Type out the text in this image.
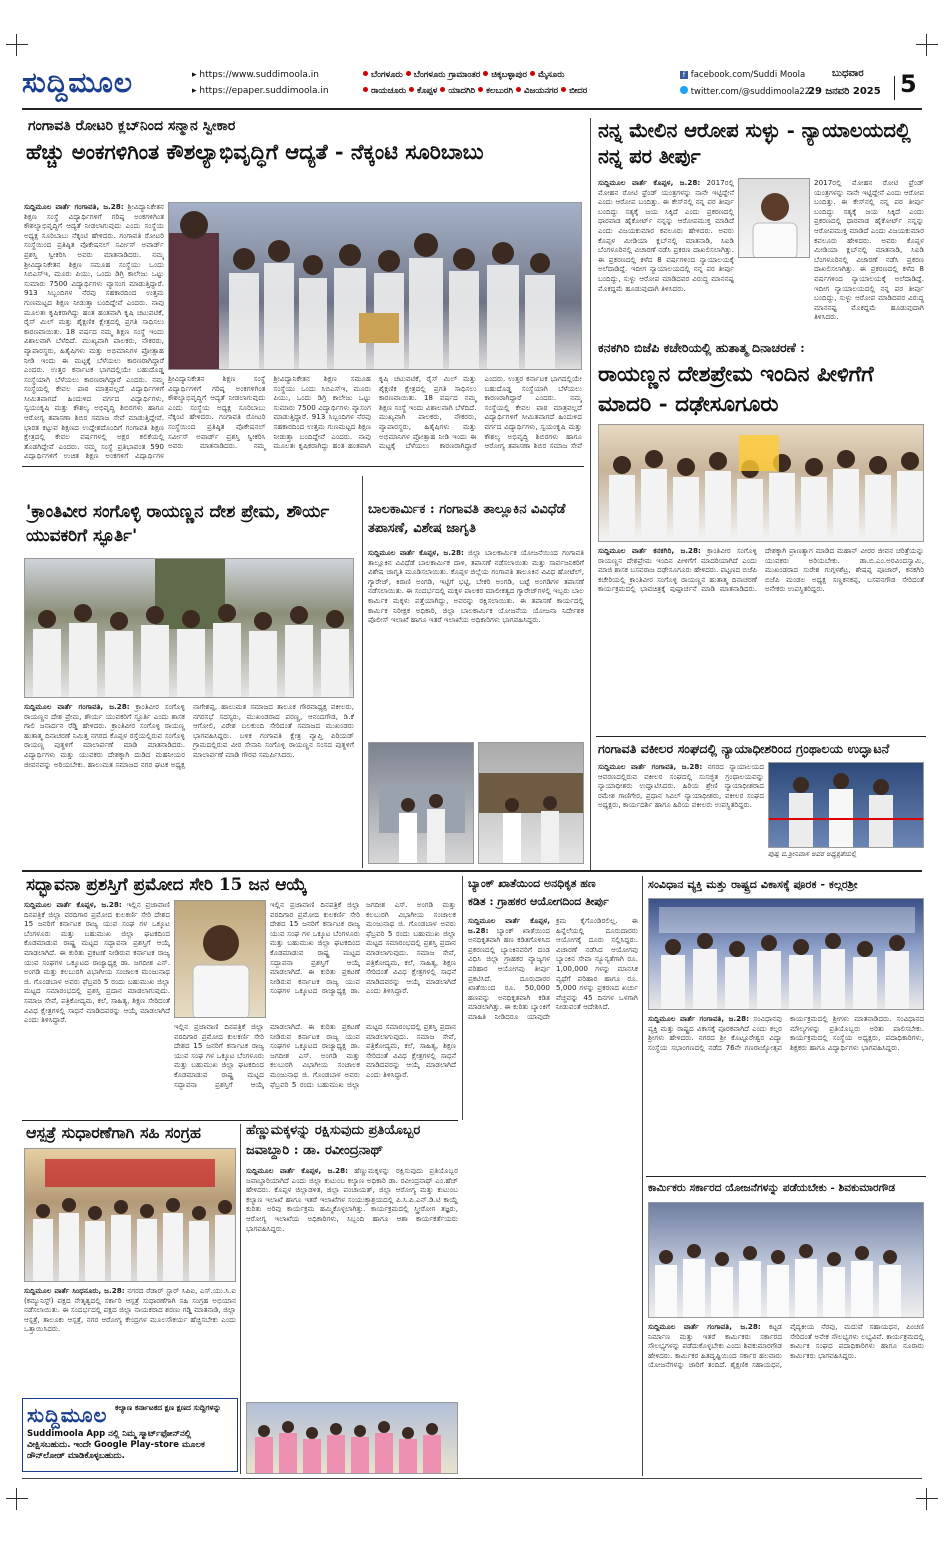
ಸುದ್ದಿಮೂಲ	▸ https://www.suddimoola.in
▸ https://epaper.suddimoola.in
ಬೆಂಗಳೂರು ಬೆಂಗಳೂರು ಗ್ರಾಮಾಂತರ ಚಿಕ್ಕಬಳ್ಳಾಪುರ ಮೈಸೂರು
ರಾಯಚೂರು ಕೊಪ್ಪಳ ಯಾದಗಿರಿ ಕಲಬುರಗಿ ವಿಜಯನಗರ ಬೀದರ
f facebook.com/Suddi Moola
twitter.com/@suddimoola22
ಬುಧವಾರ
29 ಜನವರಿ 2025 5
ಗಂಗಾವತಿ ರೋಟರಿ ಕ್ಲಬ್‌ನಿಂದ ಸನ್ಮಾನ ಸ್ವೀಕಾರ
ಹೆಚ್ಚು ಅಂಕಗಳಿಗಿಂತ ಕೌಶಲ್ಯಾಭಿವೃದ್ಧಿಗೆ ಆದ್ಯತೆ - ನೆಕ್ಕಂಟಿ ಸೂರಿಬಾಬು
ಸುದ್ದಿಮೂಲ ವಾರ್ತೆ ಗಂಗಾವತಿ, ಜ.28: ಶ್ರೀವಿದ್ಯಾನಿಕೇತನ ಶಿಕ್ಷಣ ಸಂಸ್ಥೆ ವಿದ್ಯಾರ್ಥಿಗಳಿಗೆ ಗರಿಷ್ಠ ಅಂಕಗಳಿಗಿಂತ ಕೌಶಲ್ಯಾಭಿವೃದ್ಧಿಗೆ ಆದ್ಯತೆ ನೀಡಲಾಗುವುದು ಎಂದು ಸಂಸ್ಥೆಯ ಅಧ್ಯಕ್ಷ ಸೂರಿಬಾಬು ನೆಕ್ಕಂಟಿ ಹೇಳಿದರು. ಗಂಗಾವತಿ ರೋಟರಿ ಸಂಸ್ಥೆಯಿಂದ ಪ್ರತಿಷ್ಠಿತ ವೊಕೇಷನಲ್ ಸರ್ವೀಸ್ ಅವಾರ್ಡ್ ಪ್ರಶಸ್ತಿ ಸ್ವೀಕರಿಸಿ ಅವರು ಮಾತನಾಡಿದರು. ನಮ್ಮ ಶ್ರೀವಿದ್ಯಾನಿಕೇತನ ಶಿಕ್ಷಣ ಸಮೂಹ ಸಂಸ್ಥೆಯು ಒಂದು ಸಿಬಿಎಸ್ಇ, ಮೂರು ಪಿಯು, ಒಂದು ಡಿಗ್ರಿ ಕಾಲೇಜು ಒಟ್ಟು ಸುಮಾರು 7500 ವಿದ್ಯಾರ್ಥಿಗಳು ವ್ಯಾಸಂಗ ಮಾಡುತ್ತಿದ್ದಾರೆ. 913 ಸಿಬ್ಬಂದಿಗಳ ನೆರವು ಸಹಕಾರದಿಂದ ಉತ್ತಮ ಗುಣಮಟ್ಟದ ಶಿಕ್ಷಣ ನೀಡುತ್ತಾ ಬಂದಿದ್ದೇವೆ ಎಂದರು. ನಾವು ಮೂಲತಃ ಕೃಷಿಕರಾಗಿದ್ದು ಹಂತ ಹಂತವಾಗಿ ಕೃಷಿ ಚಟುವಟಿಕೆ, ರೈಸ್ ಮಿಲ್ ಮತ್ತು ಶೈಕ್ಷಣಿಕ ಕ್ಷೇತ್ರದಲ್ಲಿ ಪ್ರಗತಿ ಸಾಧಿಸಲು ಕಾರಣವಾಯಿತು. 18 ವರ್ಷದ ನಮ್ಮ ಶಿಕ್ಷಣ ಸಂಸ್ಥೆ ಇಂದು ವಿಶಾಲವಾಗಿ ಬೆಳೆದಿದೆ. ಮುಖ್ಯವಾಗಿ ಪಾಲಕರು, ನೌಕರರು, ವ್ಯಾಪಾರಸ್ಥರು, ಹಿತೈಷಿಗಳು ಮತ್ತು ಅಭಿಮಾನಿಗಳ ಪ್ರೋತ್ಸಾಹ ನೀಡಿ ಇಂದು ಈ ಮಟ್ಟಕ್ಕೆ ಬೆಳೆಯಲು ಕಾರಣರಾಗಿದ್ದಾರೆ ಎಂದರು. ಉತ್ತರ ಕರ್ನಾಟಕ ಭಾಗದಲ್ಲಿಯೇ ಬಹುದೊಡ್ಡ ಸಂಸ್ಥೆಯಾಗಿ ಬೆಳೆಯಲು ಕಾರಣರಾಗಿದ್ದಾರೆ ಎಂದರು. ನಮ್ಮ ಸಂಸ್ಥೆಯಲ್ಲಿ ಕೇವಲ ಪಾಠ ಮಾತ್ರವಲ್ಲದೆ ವಿದ್ಯಾರ್ಥಿಗಳಿಗೆ ಸೀಮಿತವಾಗದೆ ಹಿಂದುಳಿದ ವರ್ಗದ ವಿದ್ಯಾರ್ಥಿಗಳು, ಸ್ವಯಂಕೃಷಿ ಮತ್ತು ಕೌಶಲ್ಯ ಅಭಿವೃದ್ಧಿ ಶಿಬಿರಗಳು ಹಾಗೂ ಆರೋಗ್ಯ ತಪಾಸಣಾ ಶಿಬಿರ ಸಮಾಜ ಸೇವೆ ಮಾಡುತ್ತಿದ್ದೇವೆ. ಭಾರತ ಕಟ್ಟುವ ಶಿಕ್ಷಣದ ಉದ್ದೇಶದೊಂದಿಗೆ ಗಂಗಾವತಿ ಶಿಕ್ಷಣ ಕ್ಷೇತ್ರದಲ್ಲಿ ಕೇವಲ ವರ್ಷಗಳಲ್ಲಿ ಅಕ್ಷರ ಕಲಿಕೆಯಲ್ಲಿ ತೊಡಗಿದ್ದೇವೆ ಎಂದರು. ನಮ್ಮ ಸಂಸ್ಥೆ ಪ್ರತಿಭಾವಂತ 590 ವಿದ್ಯಾರ್ಥಿಗಳಿಗೆ ಉಚಿತ ಶಿಕ್ಷಣ ಅಂಕಗಳಿಗೆ ವಿದ್ಯಾರ್ಥಿಗಳ
ಶ್ರೀವಿದ್ಯಾನಿಕೇತನ ಶಿಕ್ಷಣ ಸಂಸ್ಥೆ ವಿದ್ಯಾರ್ಥಿಗಳಿಗೆ ಗರಿಷ್ಠ ಅಂಕಗಳಿಗಿಂತ ಕೌಶಲ್ಯಾಭಿವೃದ್ಧಿಗೆ ಆದ್ಯತೆ ನೀಡಲಾಗುವುದು ಎಂದು ಸಂಸ್ಥೆಯ ಅಧ್ಯಕ್ಷ ಸೂರಿಬಾಬು ನೆಕ್ಕಂಟಿ ಹೇಳಿದರು. ಗಂಗಾವತಿ ರೋಟರಿ ಸಂಸ್ಥೆಯಿಂದ ಪ್ರತಿಷ್ಠಿತ ವೊಕೇಷನಲ್ ಸರ್ವೀಸ್ ಅವಾರ್ಡ್ ಪ್ರಶಸ್ತಿ ಸ್ವೀಕರಿಸಿ ಅವರು ಮಾತನಾಡಿದರು. ನಮ್ಮ ಶ್ರೀವಿದ್ಯಾನಿಕೇತನ ಶಿಕ್ಷಣ ಸಮೂಹ ಸಂಸ್ಥೆಯು ಒಂದು ಸಿಬಿಎಸ್ಇ, ಮೂರು ಪಿಯು, ಒಂದು ಡಿಗ್ರಿ ಕಾಲೇಜು ಒಟ್ಟು ಸುಮಾರು 7500 ವಿದ್ಯಾರ್ಥಿಗಳು ವ್ಯಾಸಂಗ ಮಾಡುತ್ತಿದ್ದಾರೆ. 913 ಸಿಬ್ಬಂದಿಗಳ ನೆರವು ಸಹಕಾರದಿಂದ ಉತ್ತಮ ಗುಣಮಟ್ಟದ ಶಿಕ್ಷಣ ನೀಡುತ್ತಾ ಬಂದಿದ್ದೇವೆ ಎಂದರು. ನಾವು ಮೂಲತಃ ಕೃಷಿಕರಾಗಿದ್ದು ಹಂತ ಹಂತವಾಗಿ ಕೃಷಿ ಚಟುವಟಿಕೆ, ರೈಸ್ ಮಿಲ್ ಮತ್ತು ಶೈಕ್ಷಣಿಕ ಕ್ಷೇತ್ರದಲ್ಲಿ ಪ್ರಗತಿ ಸಾಧಿಸಲು ಕಾರಣವಾಯಿತು. 18 ವರ್ಷದ ನಮ್ಮ ಶಿಕ್ಷಣ ಸಂಸ್ಥೆ ಇಂದು ವಿಶಾಲವಾಗಿ ಬೆಳೆದಿದೆ. ಮುಖ್ಯವಾಗಿ ಪಾಲಕರು, ನೌಕರರು, ವ್ಯಾಪಾರಸ್ಥರು, ಹಿತೈಷಿಗಳು ಮತ್ತು ಅಭಿಮಾನಿಗಳ ಪ್ರೋತ್ಸಾಹ ನೀಡಿ ಇಂದು ಈ ಮಟ್ಟಕ್ಕೆ ಬೆಳೆಯಲು ಕಾರಣರಾಗಿದ್ದಾರೆ ಎಂದರು. ಉತ್ತರ ಕರ್ನಾಟಕ ಭಾಗದಲ್ಲಿಯೇ ಬಹುದೊಡ್ಡ ಸಂಸ್ಥೆಯಾಗಿ ಬೆಳೆಯಲು ಕಾರಣರಾಗಿದ್ದಾರೆ ಎಂದರು. ನಮ್ಮ ಸಂಸ್ಥೆಯಲ್ಲಿ ಕೇವಲ ಪಾಠ ಮಾತ್ರವಲ್ಲದೆ ವಿದ್ಯಾರ್ಥಿಗಳಿಗೆ ಸೀಮಿತವಾಗದೆ ಹಿಂದುಳಿದ ವರ್ಗದ ವಿದ್ಯಾರ್ಥಿಗಳು, ಸ್ವಯಂಕೃಷಿ ಮತ್ತು ಕೌಶಲ್ಯ ಅಭಿವೃದ್ಧಿ ಶಿಬಿರಗಳು ಹಾಗೂ ಆರೋಗ್ಯ ತಪಾಸಣಾ ಶಿಬಿರ ಸಮಾಜ ಸೇವೆ
ನನ್ನ ಮೇಲಿನ ಆರೋಪ ಸುಳ್ಳು - ನ್ಯಾಯಾಲಯದಲ್ಲಿ ನನ್ನ ಪರ ತೀರ್ಪು
ಸುದ್ದಿಮೂಲ ವಾರ್ತೆ ಕೊಪ್ಪಳ, ಜ.28: 2017ರಲ್ಲಿ ಮೋಹನ ರೋಟಿ ಫ್ರೆಂಡ್ ಯಂತ್ರಗಳನ್ನು ನಾನೇ ಇಟ್ಟಿದ್ದೇನೆ ಎಂದು ಆರೋಪ ಬಂದಿತ್ತು. ಈ ಕೇಸ್‌ನಲ್ಲಿ ನನ್ನ ಪರ ತೀರ್ಪು ಬಂದಿದ್ದು ಸತ್ಯಕ್ಕೆ ಜಯ ಸಿಕ್ಕಿದೆ ಎಂದು ಪ್ರಕರಣದಲ್ಲಿ ಧಾರವಾಡ ಹೈಕೋರ್ಟ್ ನನ್ನನ್ನು ಆರೋಪಮುಕ್ತ ಮಾಡಿದೆ ಎಂದು ವಿಜಯಕುಮಾರ ಕವಲೂರು ಹೇಳಿದರು. ಅವರು ಕೊಪ್ಪಳ ಮೀಡಿಯಾ ಕ್ಲಬ್‌ನಲ್ಲಿ ಮಾತನಾಡಿ, ಸಿಐಡಿ ಬೆಂಗಳೂರಿನಲ್ಲಿ ವಿಚಾರಣೆ ನಡೆಸಿ ಪ್ರಕರಣ ದಾಖಲಿಸಲಾಗಿತ್ತು. ಈ ಪ್ರಕರಣದಲ್ಲಿ ಕಳೆದ 8 ವರ್ಷಗಳಿಂದ ನ್ಯಾಯಾಲಯಕ್ಕೆ ಅಲೆದಾಡಿದ್ದೆ. ಇದೀಗ ನ್ಯಾಯಾಲಯದಲ್ಲಿ ನನ್ನ ಪರ ತೀರ್ಪು ಬಂದಿದ್ದು, ಸುಳ್ಳು ಆರೋಪ ಮಾಡಿದವರ ವಿರುದ್ಧ ಮಾನನಷ್ಟ ಮೊಕದ್ದಮೆ ಹೂಡುವುದಾಗಿ ತಿಳಿಸಿದರು.
2017ರಲ್ಲಿ ಮೋಹನ ರೋಟಿ ಫ್ರೆಂಡ್ ಯಂತ್ರಗಳನ್ನು ನಾನೇ ಇಟ್ಟಿದ್ದೇನೆ ಎಂದು ಆರೋಪ ಬಂದಿತ್ತು. ಈ ಕೇಸ್‌ನಲ್ಲಿ ನನ್ನ ಪರ ತೀರ್ಪು ಬಂದಿದ್ದು ಸತ್ಯಕ್ಕೆ ಜಯ ಸಿಕ್ಕಿದೆ ಎಂದು ಪ್ರಕರಣದಲ್ಲಿ ಧಾರವಾಡ ಹೈಕೋರ್ಟ್ ನನ್ನನ್ನು ಆರೋಪಮುಕ್ತ ಮಾಡಿದೆ ಎಂದು ವಿಜಯಕುಮಾರ ಕವಲೂರು ಹೇಳಿದರು. ಅವರು ಕೊಪ್ಪಳ ಮೀಡಿಯಾ ಕ್ಲಬ್‌ನಲ್ಲಿ ಮಾತನಾಡಿ, ಸಿಐಡಿ ಬೆಂಗಳೂರಿನಲ್ಲಿ ವಿಚಾರಣೆ ನಡೆಸಿ ಪ್ರಕರಣ ದಾಖಲಿಸಲಾಗಿತ್ತು. ಈ ಪ್ರಕರಣದಲ್ಲಿ ಕಳೆದ 8 ವರ್ಷಗಳಿಂದ ನ್ಯಾಯಾಲಯಕ್ಕೆ ಅಲೆದಾಡಿದ್ದೆ. ಇದೀಗ ನ್ಯಾಯಾಲಯದಲ್ಲಿ ನನ್ನ ಪರ ತೀರ್ಪು ಬಂದಿದ್ದು, ಸುಳ್ಳು ಆರೋಪ ಮಾಡಿದವರ ವಿರುದ್ಧ ಮಾನನಷ್ಟ ಮೊಕದ್ದಮೆ ಹೂಡುವುದಾಗಿ ತಿಳಿಸಿದರು.
ಕನಕಗಿರಿ ಬಿಜೆಪಿ ಕಚೇರಿಯಲ್ಲಿ ಹುತಾತ್ಮ ದಿನಾಚರಣೆ :
ರಾಯಣ್ಣನ ದೇಶಪ್ರೇಮ ಇಂದಿನ ಪೀಳಿಗೆಗೆ ಮಾದರಿ - ದಢೇಸೂಗೂರು
ಸುದ್ದಿಮೂಲ ವಾರ್ತೆ ಕನಕಗಿರಿ, ಜ.28: ಕ್ರಾಂತಿವೀರ ಸಂಗೊಳ್ಳಿ ರಾಯಣ್ಣನ ದೇಶಪ್ರೇಮ ಇಂದಿನ ಪೀಳಿಗೆಗೆ ಮಾದರಿಯಾಗಿದೆ ಎಂದು ಮಾಜಿ ಶಾಸಕ ಬಸವರಾಜ ದಢೇಸೂಗೂರು ಹೇಳಿದರು. ಪಟ್ಟಣದ ಬಿಜೆಪಿ ಕಚೇರಿಯಲ್ಲಿ ಕ್ರಾಂತಿವೀರ ಸಂಗೊಳ್ಳಿ ರಾಯಣ್ಣನ ಹುತಾತ್ಮ ದಿನಾಚರಣೆ ಕಾರ್ಯಕ್ರಮದಲ್ಲಿ ಭಾವಚಿತ್ರಕ್ಕೆ ಪುಷ್ಪಾರ್ಚನೆ ಮಾಡಿ ಮಾತನಾಡಿದರು. ದೇಶಕ್ಕಾಗಿ ಪ್ರಾಣತ್ಯಾಗ ಮಾಡಿದ ಮಹಾನ್ ವೀರರ ಜೀವನ ಚರಿತ್ರೆಯನ್ನು ಯುವಕರು ಅರಿಯಬೇಕು. ಡಾ.ಬಿ.ಎಂ.ಅರವಿಂದಸ್ವಾಮಿ, ಮುಖಂಡರಾದ ಸುರೇಶ ಗುಗ್ಗಳಶೆಟ್ರ, ಶೇಷಪ್ಪ ಪೂಜಾರ್, ಕನಕಗಿರಿ ಬಿಜೆಪಿ ಮಂಡಲ ಅಧ್ಯಕ್ಷ ಸಣ್ಣಕನಕಪ್ಪ, ಬಸವನಗೌಡ ಸೇರಿದಂತೆ ಅನೇಕರು ಉಪಸ್ಥಿತರಿದ್ದರು.
ಗಂಗಾವತಿ ವಕೀಲರ ಸಂಘದಲ್ಲಿ ನ್ಯಾಯಾಧೀಶರಿಂದ ಗ್ರಂಥಾಲಯ ಉದ್ಘಾಟನೆ
ಸುದ್ದಿಮೂಲ ವಾರ್ತೆ ಗಂಗಾವತಿ, ಜ.28: ನಗರದ ನ್ಯಾಯಾಲಯದ ಆವರಣದಲ್ಲಿರುವ ವಕೀಲರ ಸಂಘದಲ್ಲಿ ಸುಸಜ್ಜಿತ ಗ್ರಂಥಾಲಯವನ್ನು ನ್ಯಾಯಾಧೀಶರು ಉದ್ಘಾಟಿಸಿದರು. ಹಿರಿಯ ಶ್ರೇಣಿ ನ್ಯಾಯಾಧೀಶರಾದ ರಮೇಶ ಗಾಣಿಗೇರ, ಪ್ರಧಾನ ಸಿವಿಲ್ ನ್ಯಾಯಾಧೀಶರು, ವಕೀಲರ ಸಂಘದ ಅಧ್ಯಕ್ಷರು, ಕಾರ್ಯದರ್ಶಿ ಹಾಗೂ ಹಿರಿಯ ವಕೀಲರು ಉಪಸ್ಥಿತರಿದ್ದರು.
ಪುಷ್ಪ ಬಿ.ಶ್ರೀನಿವಾಸ ಅವರ ಅಧ್ಯಕ್ಷತೆಯಲ್ಲಿ
'ಕ್ರಾಂತಿವೀರ ಸಂಗೊಳ್ಳಿ ರಾಯಣ್ಣನ ದೇಶ ಪ್ರೇಮ, ಶೌರ್ಯ ಯುವಕರಿಗೆ ಸ್ಫೂರ್ತಿ'
ಸುದ್ದಿಮೂಲ ವಾರ್ತೆ ಗಂಗಾವತಿ, ಜ.28: ಕ್ರಾಂತಿವೀರ ಸಂಗೊಳ್ಳಿ ರಾಯಣ್ಣನ ದೇಶ ಪ್ರೇಮ, ಶೌರ್ಯ ಯುವಕರಿಗೆ ಸ್ಫೂರ್ತಿ ಎಂದು ಶಾಸಕ ಗಾಲಿ ಜನಾರ್ದನ ರೆಡ್ಡಿ ಹೇಳಿದರು. ಕ್ರಾಂತಿವೀರ ಸಂಗೊಳ್ಳಿ ರಾಯಣ್ಣ ಹುತಾತ್ಮ ದಿನಾಚರಣೆ ನಿಮಿತ್ತ ನಗರದ ಕೊಪ್ಪಳ ರಸ್ತೆಯಲ್ಲಿರುವ ಸಂಗೊಳ್ಳಿ ರಾಯಣ್ಣ ಪುತ್ಥಳಿಗೆ ಮಾಲಾರ್ಪಣೆ ಮಾಡಿ ಮಾತನಾಡಿದರು. ವಿದ್ಯಾರ್ಥಿಗಳು ಮತ್ತು ಯುವಕರು ದೇಶಕ್ಕಾಗಿ ದುಡಿದ ಮಹನೀಯರ ಜೀವನವನ್ನು ಅರಿಯಬೇಕು. ಹಾಲುಮತ ಸಮಾಜದ ನಗರ ಘಟಕ ಅಧ್ಯಕ್ಷ ನಾಗೇಶಪ್ಪ, ಹಾಲುಮತ ಸಮಾಜದ ತಾಲೂಕ ಗೌರವಾಧ್ಯಕ್ಷ ವಕೀಲರು, ನಗರಸಭೆ ಸದಸ್ಯರು, ಮುಖಂಡರಾದ ಪರಣ್ಣ, ಆನಂದಗೌಡ, ಡಿ.ಕೆ ಆಗೋಲಿ, ವಿರೇಶ ಬಲಕುಂದಿ ಸೇರಿದಂತೆ ಸಮಾಜದ ಮುಖಂಡರು ಭಾಗವಹಿಸಿದ್ದರು. ಬಳಿಕ ಗಂಗಾವತಿ ಕ್ಷೇತ್ರ ವ್ಯಾಪ್ತಿ ಪಿರಿಯಡ್ ಗ್ರಾಮದಲ್ಲಿರುವ ವೀರ ಸೇನಾನಿ ಸಂಗೊಳ್ಳಿ ರಾಯಣ್ಣನ ಸಂಸದ ಪುತ್ಥಳಿಗೆ ಮಾಲಾರ್ಪಣೆ ಮಾಡಿ ಗೌರವ ಸಮರ್ಪಿಸಿದರು.
ಬಾಲಕಾರ್ಮಿಕ : ಗಂಗಾವತಿ ತಾಲ್ಲೂಕಿನ ವಿವಿಧೆಡೆ ತಪಾಸಣೆ, ವಿಶೇಷ ಜಾಗೃತಿ
ಸುದ್ದಿಮೂಲ ವಾರ್ತೆ ಕೊಪ್ಪಳ, ಜ.28: ಜಿಲ್ಲಾ ಬಾಲಕಾರ್ಮಿಕ ಯೋಜನೆಯಿಂದ ಗಂಗಾವತಿ ತಾಲ್ಲೂಕಿನ ವಿವಿಧೆಡೆ ಬಾಲಕಾರ್ಮಿಕ ದಾಳಿ, ತಪಾಸಣೆ ನಡೆಸಲಾಯಿತು ಮತ್ತು ಸಾರ್ವಜನಿಕರಿಗೆ ವಿಶೇಷ ಜಾಗೃತಿ ಮೂಡಿಸಲಾಯಿತು. ಕೊಪ್ಪಳ ಜಿಲ್ಲೆಯ ಗಂಗಾವತಿ ತಾಲೂಕಿನ ವಿವಿಧ ಹೋಟೆಲ್, ಗ್ಯಾರೇಜ್, ಕಿರಾಣಿ ಅಂಗಡಿ, ಇಟ್ಟಿಗೆ ಭಟ್ಟಿ, ಬೇಕರಿ ಅಂಗಡಿ, ಬಟ್ಟೆ ಅಂಗಡಿಗಳ ತಪಾಸಣೆ ನಡೆಸಲಾಯಿತು. ಈ ಸಂದರ್ಭದಲ್ಲಿ ಮಕ್ಕಳ ಪಾಲಕರ ಮಾಲೀಕತ್ವದ ಗ್ಯಾರೇಜ್‌ಗಳಲ್ಲಿ ಇಬ್ಬರು ಬಾಲ ಕಾರ್ಮಿಕ ಮಕ್ಕಳು ಪತ್ತೆಯಾಗಿದ್ದು, ಅವರನ್ನು ರಕ್ಷಿಸಲಾಯಿತು. ಈ ತಪಾಸಣೆ ಕಾರ್ಯದಲ್ಲಿ ಕಾರ್ಮಿಕ ನಿರೀಕ್ಷಕ ಅಧಿಕಾರಿ, ಜಿಲ್ಲಾ ಬಾಲಕಾರ್ಮಿಕ ಯೋಜನೆಯ ಯೋಜನಾ ನಿರ್ದೇಶಕ ಪೊಲೀಸ್ ಇಲಾಖೆ ಹಾಗೂ ಇತರೆ ಇಲಾಖೆಯ ಅಧಿಕಾರಿಗಳು ಭಾಗವಹಿಸಿದ್ದರು.
ಸದ್ಭಾವನಾ ಪ್ರಶಸ್ತಿಗೆ ಪ್ರಮೋದ ಸೇರಿ 15 ಜನ ಆಯ್ಕೆ
ಸುದ್ದಿಮೂಲ ವಾರ್ತೆ ಕೊಪ್ಪಳ, ಜ.28: ಇಲ್ಲಿನ ಪ್ರಜಾವಾಣಿ ದಿನಪತ್ರಿಕೆ ಜಿಲ್ಲಾ ವರದಿಗಾರ ಪ್ರಮೋದ ಕುಲಕರ್ಣಿ ಸೇರಿ ದೇಶದ 15 ಜನರಿಗೆ ಕರ್ನಾಟಕ ರಾಜ್ಯ ಯುವ ಸಂಘ ಗಳ ಒಕ್ಕೂಟ ಬೆಂಗಳೂರು ಮತ್ತು ಬಹುಮುಖ ಜಿಲ್ಲಾ ಘಟಕದಿಂದ ಕೊಡಮಾಡುವ ರಾಷ್ಟ್ರ ಮಟ್ಟದ ಸದ್ಭಾವನಾ ಪ್ರಶಸ್ತಿಗೆ ಆಯ್ಕೆ ಮಾಡಲಾಗಿದೆ. ಈ ಕುರಿತು ಪ್ರಕಟಣೆ ನೀಡಿರುವ ಕರ್ನಾಟಕ ರಾಜ್ಯ ಯುವ ಸಂಘಗಳ ಒಕ್ಕೂಟದ ರಾಜ್ಯಾಧ್ಯಕ್ಷ ಡಾ. ಜಗದೀಶ ಎಸ್. ಅಂಗಡಿ ಮತ್ತು ಕಲಬುರಗಿ ವಿಭಾಗೀಯ ಸಂಚಾಲಕ ಮಂಜುನಾಥ ಜಿ. ಗೊಂಡಬಾಳ ಅವರು ಫೆಬ್ರವರಿ 5 ರಂದು ಬಹುಮುಖ ಜಿಲ್ಲಾ ಮಟ್ಟದ ಸಮಾರಂಭದಲ್ಲಿ ಪ್ರಶಸ್ತಿ ಪ್ರದಾನ ಮಾಡಲಾಗುವುದು. ಸಮಾಜ ಸೇವೆ, ಪತ್ರಿಕೋದ್ಯಮ, ಕಲೆ, ಸಾಹಿತ್ಯ, ಶಿಕ್ಷಣ ಸೇರಿದಂತೆ ವಿವಿಧ ಕ್ಷೇತ್ರಗಳಲ್ಲಿ ಸಾಧನೆ ಮಾಡಿದವರನ್ನು ಆಯ್ಕೆ ಮಾಡಲಾಗಿದೆ ಎಂದು ತಿಳಿಸಿದ್ದಾರೆ.
ಇಲ್ಲಿನ ಪ್ರಜಾವಾಣಿ ದಿನಪತ್ರಿಕೆ ಜಿಲ್ಲಾ ವರದಿಗಾರ ಪ್ರಮೋದ ಕುಲಕರ್ಣಿ ಸೇರಿ ದೇಶದ 15 ಜನರಿಗೆ ಕರ್ನಾಟಕ ರಾಜ್ಯ ಯುವ ಸಂಘ ಗಳ ಒಕ್ಕೂಟ ಬೆಂಗಳೂರು ಮತ್ತು ಬಹುಮುಖ ಜಿಲ್ಲಾ ಘಟಕದಿಂದ ಕೊಡಮಾಡುವ ರಾಷ್ಟ್ರ ಮಟ್ಟದ ಸದ್ಭಾವನಾ ಪ್ರಶಸ್ತಿಗೆ ಆಯ್ಕೆ ಮಾಡಲಾಗಿದೆ. ಈ ಕುರಿತು ಪ್ರಕಟಣೆ ನೀಡಿರುವ ಕರ್ನಾಟಕ ರಾಜ್ಯ ಯುವ ಸಂಘಗಳ ಒಕ್ಕೂಟದ ರಾಜ್ಯಾಧ್ಯಕ್ಷ ಡಾ. ಜಗದೀಶ ಎಸ್. ಅಂಗಡಿ ಮತ್ತು ಕಲಬುರಗಿ ವಿಭಾಗೀಯ ಸಂಚಾಲಕ ಮಂಜುನಾಥ ಜಿ. ಗೊಂಡಬಾಳ ಅವರು ಫೆಬ್ರವರಿ 5 ರಂದು ಬಹುಮುಖ ಜಿಲ್ಲಾ ಮಟ್ಟದ ಸಮಾರಂಭದಲ್ಲಿ ಪ್ರಶಸ್ತಿ ಪ್ರದಾನ ಮಾಡಲಾಗುವುದು. ಸಮಾಜ ಸೇವೆ, ಪತ್ರಿಕೋದ್ಯಮ, ಕಲೆ, ಸಾಹಿತ್ಯ, ಶಿಕ್ಷಣ ಸೇರಿದಂತೆ ವಿವಿಧ ಕ್ಷೇತ್ರಗಳಲ್ಲಿ ಸಾಧನೆ ಮಾಡಿದವರನ್ನು ಆಯ್ಕೆ ಮಾಡಲಾಗಿದೆ ಎಂದು ತಿಳಿಸಿದ್ದಾರೆ.
ಇಲ್ಲಿನ ಪ್ರಜಾವಾಣಿ ದಿನಪತ್ರಿಕೆ ಜಿಲ್ಲಾ ವರದಿಗಾರ ಪ್ರಮೋದ ಕುಲಕರ್ಣಿ ಸೇರಿ ದೇಶದ 15 ಜನರಿಗೆ ಕರ್ನಾಟಕ ರಾಜ್ಯ ಯುವ ಸಂಘ ಗಳ ಒಕ್ಕೂಟ ಬೆಂಗಳೂರು ಮತ್ತು ಬಹುಮುಖ ಜಿಲ್ಲಾ ಘಟಕದಿಂದ ಕೊಡಮಾಡುವ ರಾಷ್ಟ್ರ ಮಟ್ಟದ ಸದ್ಭಾವನಾ ಪ್ರಶಸ್ತಿಗೆ ಆಯ್ಕೆ ಮಾಡಲಾಗಿದೆ. ಈ ಕುರಿತು ಪ್ರಕಟಣೆ ನೀಡಿರುವ ಕರ್ನಾಟಕ ರಾಜ್ಯ ಯುವ ಸಂಘಗಳ ಒಕ್ಕೂಟದ ರಾಜ್ಯಾಧ್ಯಕ್ಷ ಡಾ. ಜಗದೀಶ ಎಸ್. ಅಂಗಡಿ ಮತ್ತು ಕಲಬುರಗಿ ವಿಭಾಗೀಯ ಸಂಚಾಲಕ ಮಂಜುನಾಥ ಜಿ. ಗೊಂಡಬಾಳ ಅವರು ಫೆಬ್ರವರಿ 5 ರಂದು ಬಹುಮುಖ ಜಿಲ್ಲಾ ಮಟ್ಟದ ಸಮಾರಂಭದಲ್ಲಿ ಪ್ರಶಸ್ತಿ ಪ್ರದಾನ ಮಾಡಲಾಗುವುದು. ಸಮಾಜ ಸೇವೆ, ಪತ್ರಿಕೋದ್ಯಮ, ಕಲೆ, ಸಾಹಿತ್ಯ, ಶಿಕ್ಷಣ ಸೇರಿದಂತೆ ವಿವಿಧ ಕ್ಷೇತ್ರಗಳಲ್ಲಿ ಸಾಧನೆ ಮಾಡಿದವರನ್ನು ಆಯ್ಕೆ ಮಾಡಲಾಗಿದೆ ಎಂದು ತಿಳಿಸಿದ್ದಾರೆ.
ಬ್ಯಾಂಕ್ ಖಾತೆಯಿಂದ ಅನಧಿಕೃತ ಹಣ
ಕಡಿತ : ಗ್ರಾಹಕರ ಆಯೋಗದಿಂದ ತೀರ್ಪು
ಸುದ್ದಿಮೂಲ ವಾರ್ತೆ ಕೊಪ್ಪಳ, ಜ.28: ಬ್ಯಾಂಕ್ ಖಾತೆಯಿಂದ ಅನಧಿಕೃತವಾಗಿ ಹಣ ಕಡಿತಗೊಳಿಸಿದ ಪ್ರಕರಣದಲ್ಲಿ ಬ್ಯಾಂಕಿನವರಿಗೆ ದಂಡ ವಿಧಿಸಿ ಜಿಲ್ಲಾ ಗ್ರಾಹಕರ ವ್ಯಾಜ್ಯಗಳ ಪರಿಹಾರ ಆಯೋಗವು ತೀರ್ಪು ಪ್ರಕಟಿಸಿದೆ. ದೂರುದಾರರ ಖಾತೆಯಿಂದ ರೂ. 50,000 ಹಣವನ್ನು ಅನಧಿಕೃತವಾಗಿ ಕಡಿತ ಮಾಡಲಾಗಿತ್ತು. ಈ ಕುರಿತು ಬ್ಯಾಂಕಿಗೆ ಮಾಹಿತಿ ನೀಡಿದರೂ ಯಾವುದೇ ಕ್ರಮ ಕೈಗೊಂಡಿರಲಿಲ್ಲ. ಈ ಹಿನ್ನೆಲೆಯಲ್ಲಿ ದೂರುದಾರರು ಆಯೋಗಕ್ಕೆ ದೂರು ಸಲ್ಲಿಸಿದ್ದರು. ವಿಚಾರಣೆ ನಡೆಸಿದ ಆಯೋಗವು ಬ್ಯಾಂಕಿನ ಸೇವಾ ನ್ಯೂನ್ಯತೆಗಾಗಿ ರೂ. 1,00,000 ಗಳನ್ನು ಮಾನಸಿಕ ವ್ಯಥೆಗೆ ಪರಿಹಾರ ಹಾಗೂ ರೂ. 5,000 ಗಳನ್ನು ಪ್ರಕರಣದ ಖರ್ಚು ವೆಚ್ಚವನ್ನು 45 ದಿನಗಳ ಒಳಗಾಗಿ ನೀಡುವಂತೆ ಆದೇಶಿಸಿದೆ.
ಸಂವಿಧಾನ ವ್ಯಕ್ತಿ ಮತ್ತು ರಾಷ್ಟ್ರದ ವಿಕಾಸಕ್ಕೆ ಪೂರಕ - ಕಲ್ಗರಶ್ರೀ
ಸುದ್ದಿಮೂಲ ವಾರ್ತೆ ಗಂಗಾವತಿ, ಜ.28: ಸಂವಿಧಾನವು ವ್ಯಕ್ತಿ ಮತ್ತು ರಾಷ್ಟ್ರದ ವಿಕಾಸಕ್ಕೆ ಪೂರಕವಾಗಿದೆ ಎಂದು ಕಲ್ಗರ ಶ್ರೀಗಳು ಹೇಳಿದರು. ನಗರದ ಶ್ರೀ ಕೊಟ್ಟೂರೇಶ್ವರ ವಿದ್ಯಾ ಸಂಸ್ಥೆಯ ಸಭಾಂಗಣದಲ್ಲಿ ನಡೆದ 76ನೇ ಗಣರಾಜ್ಯೋತ್ಸವ ಕಾರ್ಯಕ್ರಮದಲ್ಲಿ ಶ್ರೀಗಳು ಮಾತನಾಡಿದರು. ಸಂವಿಧಾನದ ಮೌಲ್ಯಗಳನ್ನು ಪ್ರತಿಯೊಬ್ಬರು ಅರಿತು ಪಾಲಿಸಬೇಕು. ಕಾರ್ಯಕ್ರಮದಲ್ಲಿ ಸಂಸ್ಥೆಯ ಅಧ್ಯಕ್ಷರು, ಪದಾಧಿಕಾರಿಗಳು, ಶಿಕ್ಷಕರು ಹಾಗೂ ವಿದ್ಯಾರ್ಥಿಗಳು ಭಾಗವಹಿಸಿದ್ದರು.
ಕಾರ್ಮಿಕರು ಸರ್ಕಾರದ ಯೋಜನೆಗಳನ್ನು ಪಡೆಯಬೇಕು - ಶಿವಕುಮಾರಗೌಡ
ಸುದ್ದಿಮೂಲ ವಾರ್ತೆ ಗಂಗಾವತಿ, ಜ.28: ಕಟ್ಟಡ ನಿರ್ಮಾಣ ಮತ್ತು ಇತರೆ ಕಾರ್ಮಿಕರು ಸರ್ಕಾರದ ಸೌಲಭ್ಯಗಳನ್ನು ಪಡೆದುಕೊಳ್ಳಬೇಕು ಎಂದು ಶಿವಕುಮಾರಗೌಡ ಹೇಳಿದರು. ಕಾರ್ಮಿಕರ ಹಿತದೃಷ್ಟಿಯಿಂದ ಸರ್ಕಾರ ಹಲವಾರು ಯೋಜನೆಗಳನ್ನು ಜಾರಿಗೆ ತಂದಿದೆ. ಶೈಕ್ಷಣಿಕ ಸಹಾಯಧನ, ವೈದ್ಯಕೀಯ ನೆರವು, ಮದುವೆ ಸಹಾಯಧನ, ಪಿಂಚಣಿ ಸೇರಿದಂತೆ ಅನೇಕ ಸೌಲಭ್ಯಗಳು ಲಭ್ಯವಿವೆ. ಕಾರ್ಯಕ್ರಮದಲ್ಲಿ ಕಾರ್ಮಿಕ ಸಂಘದ ಪದಾಧಿಕಾರಿಗಳು ಹಾಗೂ ನೂರಾರು ಕಾರ್ಮಿಕರು ಭಾಗವಹಿಸಿದ್ದರು.
ಆಸ್ಪತ್ರೆ ಸುಧಾರಣೆಗಾಗಿ ಸಹಿ ಸಂಗ್ರಹ
ಸುದ್ದಿಮೂಲ ವಾರ್ತೆ ಸಿಂಧನೂರು, ಜ.28: ನಗರದ ರೆಡಾರ್ ಸ್ಟಾರ್ ಸಿಪಿಐ, ಎಸ್.ಯು.ಸಿ.ಐ (ಕಮ್ಯುನಿಸ್ಟ್) ಪಕ್ಷದ ನೇತೃತ್ವದಲ್ಲಿ ಸರ್ಕಾರಿ ಆಸ್ಪತ್ರೆ ಸುಧಾರಣೆಗಾಗಿ ಸಹಿ ಸಂಗ್ರಹ ಅಭಿಯಾನ ನಡೆಸಲಾಯಿತು. ಈ ಸಂದರ್ಭದಲ್ಲಿ ಪಕ್ಷದ ಜಿಲ್ಲಾ ನಾಯಕರಾದ ಶರಣು ಗಡ್ಡಿ ಮಾತನಾಡಿ, ಜಿಲ್ಲಾ ಆಸ್ಪತ್ರೆ, ತಾಲೂಕು ಆಸ್ಪತ್ರೆ, ನಗರ ಆರೋಗ್ಯ ಕೇಂದ್ರಗಳ ಮೂಲಸೌಕರ್ಯ ಹೆಚ್ಚಿಸಬೇಕು ಎಂದು ಒತ್ತಾಯಿಸಿದರು.
ಸುದ್ದಿಮೂಲ ಕಲ್ಯಾಣ ಕರ್ನಾಟಕದ ಕ್ಷಣ ಕ್ಷಣದ ಸುದ್ದಿಗಳನ್ನು
Suddimoola App ನಲ್ಲಿ ನಿಮ್ಮ ಸ್ಮಾರ್ಟ್‌ಫೋನ್‌ನಲ್ಲಿ ವೀಕ್ಷಿಸಬಹುದು. ಇಂದೇ Google Play-store ಮೂಲಕ ಡೌನ್‌ಲೋಡ್ ಮಾಡಿಕೊಳ್ಳಬಹುದು.
ಹೆಣ್ಣುಮಕ್ಕಳನ್ನು ರಕ್ಷಿಸುವುದು ಪ್ರತಿಯೊಬ್ಬರ
ಜವಾಬ್ದಾರಿ : ಡಾ. ರವೀಂದ್ರನಾಥ್
ಸುದ್ದಿಮೂಲ ವಾರ್ತೆ ಕೊಪ್ಪಳ, ಜ.28: ಹೆಣ್ಣುಮಕ್ಕಳನ್ನು ರಕ್ಷಿಸುವುದು ಪ್ರತಿಯೊಬ್ಬರ ಜವಾಬ್ದಾರಿಯಾಗಿದೆ ಎಂದು ಜಿಲ್ಲಾ ಕುಟುಂಬ ಕಲ್ಯಾಣ ಅಧಿಕಾರಿ ಡಾ. ರವೀಂದ್ರನಾಥ್ ಎಂ.ಹೆಚ್ ಹೇಳಿದರು. ಕೊಪ್ಪಳ ಜಿಲ್ಲಾಡಳಿತ, ಜಿಲ್ಲಾ ಪಂಚಾಯತ್, ಜಿಲ್ಲಾ ಆರೋಗ್ಯ ಮತ್ತು ಕುಟುಂಬ ಕಲ್ಯಾಣ ಇಲಾಖೆ ಹಾಗೂ ಇತರೆ ಇಲಾಖೆಗಳ ಸಂಯುಕ್ತಾಶ್ರಯದಲ್ಲಿ ಪಿ.ಸಿ.ಪಿ.ಎನ್.ಡಿ.ಟಿ ಕಾಯ್ದೆ ಕುರಿತು ಅರಿವು ಕಾರ್ಯಕ್ರಮ ಹಮ್ಮಿಕೊಳ್ಳಲಾಗಿತ್ತು. ಕಾರ್ಯಕ್ರಮದಲ್ಲಿ ಸ್ತ್ರೀರೋಗ ತಜ್ಞರು, ಆರೋಗ್ಯ ಇಲಾಖೆಯ ಅಧಿಕಾರಿಗಳು, ಸಿಬ್ಬಂದಿ ಹಾಗೂ ಆಶಾ ಕಾರ್ಯಕರ್ತೆಯರು ಭಾಗವಹಿಸಿದ್ದರು.
